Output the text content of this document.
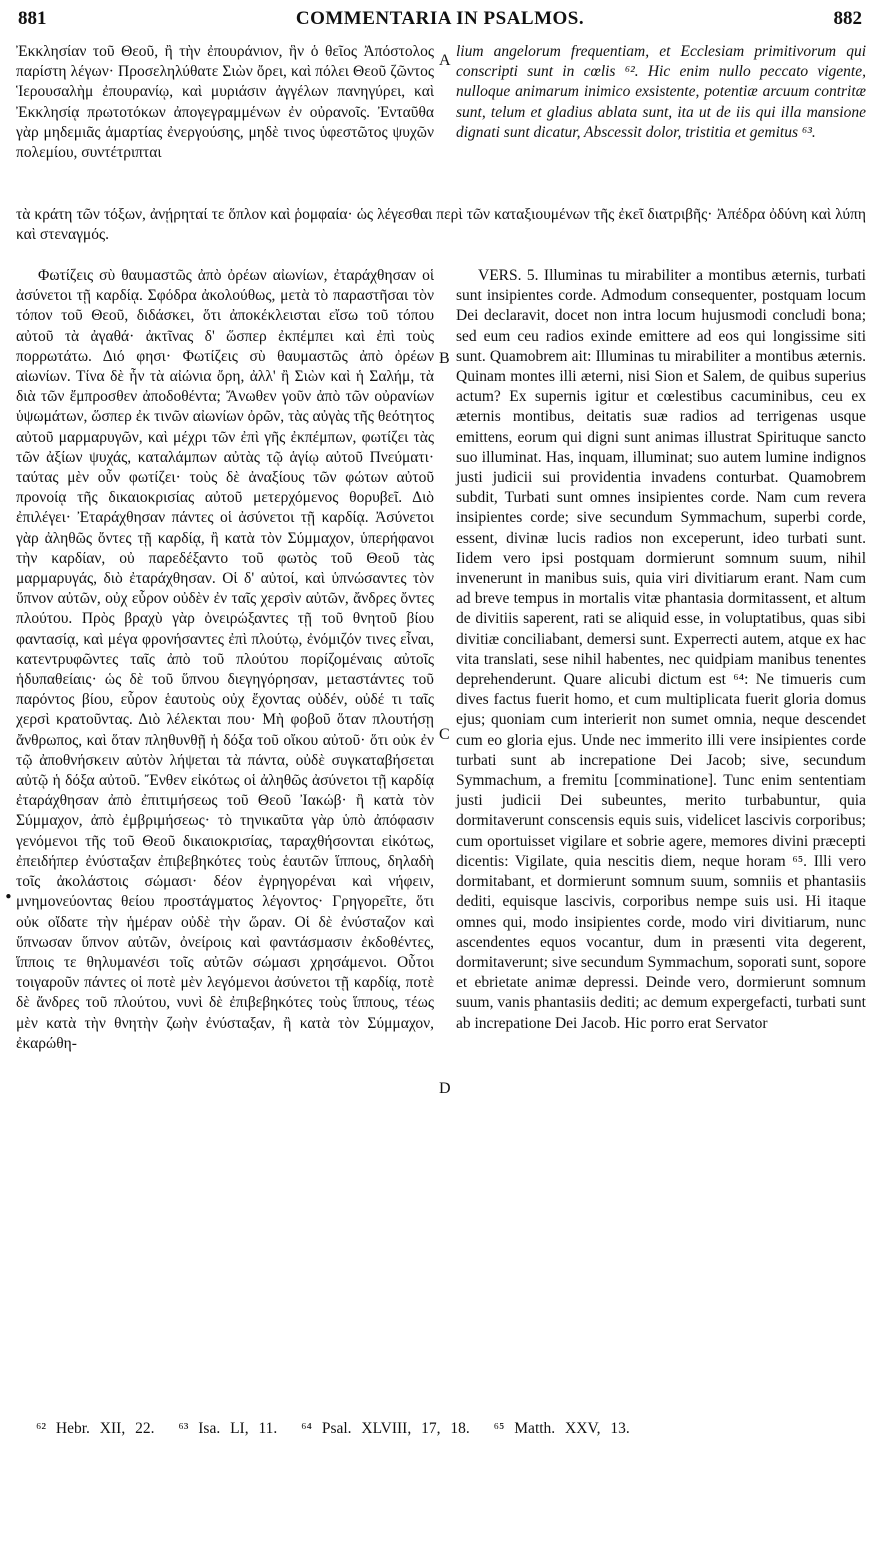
881	COMMENTARIA IN PSALMOS.	882

Ἐκκλησίαν τοῦ Θεοῦ, ἢ τὴν ἐπουράνιον, ἣν ὁ θεῖος Ἀπόστολος παρίστη λέγων· Προσεληλύθατε Σιὼν ὄρει, καὶ πόλει Θεοῦ ζῶντος Ἱερουσαλὴμ ἐπουρανίῳ, καὶ μυριάσιν ἀγγέλων πανηγύρει, καὶ Ἐκκλησίᾳ πρωτοτόκων ἀπογεγραμμένων ἐν οὐρανοῖς. Ἐνταῦθα γὰρ μηδεμιᾶς ἁμαρτίας ἐνεργούσης, μηδὲ τινος ὑφεστῶτος ψυχῶν πολεμίου, συντέτριπται

lium angelorum frequentiam, et Ecclesiam primitivorum qui conscripti sunt in cœlis ⁶². Hic enim nullo peccato vigente, nulloque animarum inimico exsistente, potentiæ arcuum contritæ sunt, telum et gladius ablata sunt, ita ut de iis qui illa mansione dignati sunt dicatur, Abscessit dolor, tristitia et gemitus ⁶³.

τὰ κράτη τῶν τόξων, ἀνῄρηταί τε ὅπλον καὶ ῥομφαία· ὡς λέγεσθαι περὶ τῶν καταξιουμένων τῆς ἐκεῖ διατριβῆς· Ἀπέδρα ὀδύνη καὶ λύπη καὶ στεναγμός.

Φωτίζεις σὺ θαυμαστῶς ἀπὸ ὀρέων αἰωνίων, ἐταράχθησαν οἱ ἀσύνετοι τῇ καρδίᾳ. Σφόδρα ἀκολούθως, μετὰ τὸ παραστῆσαι τὸν τόπον τοῦ Θεοῦ, διδάσκει, ὅτι ἀποκέκλεισται εἴσω τοῦ τόπου αὐτοῦ τὰ ἀγαθά· ἀκτῖνας δ' ὥσπερ ἐκπέμπει καὶ ἐπὶ τοὺς πορρωτάτω. Διό φησι· Φωτίζεις σὺ θαυμαστῶς ἀπὸ ὀρέων αἰωνίων. Τίνα δὲ ἦν τὰ αἰώνια ὄρη, ἀλλ' ἢ Σιὼν καὶ ἡ Σαλήμ, τὰ διὰ τῶν ἔμπροσθεν ἀποδοθέντα; Ἄνωθεν γοῦν ἀπὸ τῶν οὐρανίων ὑψωμάτων, ὥσπερ ἐκ τινῶν αἰωνίων ὀρῶν, τὰς αὐγὰς τῆς θεότητος αὐτοῦ μαρμαρυγῶν, καὶ μέχρι τῶν ἐπὶ γῆς ἐκπέμπων, φωτίζει τὰς τῶν ἀξίων ψυχάς, καταλάμπων αὐτὰς τῷ ἁγίῳ αὐτοῦ Πνεύματι· ταύτας μὲν οὖν φωτίζει· τοὺς δὲ ἀναξίους τῶν φώτων αὐτοῦ προνοίᾳ τῆς δικαιοκρισίας αὐτοῦ μετερχόμενος θορυβεῖ. Διὸ ἐπιλέγει· Ἐταράχθησαν πάντες οἱ ἀσύνετοι τῇ καρδίᾳ. Ἀσύνετοι γὰρ ἀληθῶς ὄντες τῇ καρδίᾳ, ἢ κατὰ τὸν Σύμμαχον, ὑπερήφανοι τὴν καρδίαν, οὐ παρεδέξαντο τοῦ φωτὸς τοῦ Θεοῦ τὰς μαρμαρυγάς, διὸ ἐταράχθησαν. Οἱ δ' αὐτοί, καὶ ὑπνώσαντες τὸν ὕπνον αὐτῶν, οὐχ εὗρον οὐδὲν ἐν ταῖς χερσὶν αὐτῶν, ἄνδρες ὄντες πλούτου. Πρὸς βραχὺ γὰρ ὀνειρώξαντες τῇ τοῦ θνητοῦ βίου φαντασίᾳ, καὶ μέγα φρονήσαντες ἐπὶ πλούτῳ, ἐνόμιζόν τινες εἶναι, κατεντρυφῶντες ταῖς ἀπὸ τοῦ πλούτου πορίζομέναις αὐτοῖς ἡδυπαθείαις· ὡς δὲ τοῦ ὕπνου διεγηγόρησαν, μεταστάντες τοῦ παρόντος βίου, εὗρον ἑαυτοὺς οὐχ ἔχοντας οὐδέν, οὐδέ τι ταῖς χερσὶ κρατοῦντας. Διὸ λέλεκται που· Μὴ φοβοῦ ὅταν πλουτήσῃ ἄνθρωπος, καὶ ὅταν πληθυνθῇ ἡ δόξα τοῦ οἴκου αὐτοῦ· ὅτι οὐκ ἐν τῷ ἀποθνήσκειν αὐτὸν λήψεται τὰ πάντα, οὐδὲ συγκαταβήσεται αὐτῷ ἡ δόξα αὐτοῦ. Ἔνθεν εἰκότως οἱ ἀληθῶς ἀσύνετοι τῇ καρδίᾳ ἐταράχθησαν ἀπὸ ἐπιτιμήσεως τοῦ Θεοῦ Ἰακώβ· ἢ κατὰ τὸν Σύμμαχον, ἀπὸ ἐμβριμήσεως· τὸ τηνικαῦτα γὰρ ὑπὸ ἀπόφασιν γενόμενοι τῆς τοῦ Θεοῦ δικαιοκρισίας, ταραχθήσονται εἰκότως, ἐπειδήπερ ἐνύσταξαν ἐπιβεβηκότες τοὺς ἑαυτῶν ἵππους, δηλαδὴ τοῖς ἀκολάστοις σώμασι· δέον ἐγρηγορέναι καὶ νήφειν, μνημονεύοντας θείου προστάγματος λέγοντος· Γρηγορεῖτε, ὅτι οὐκ οἴδατε τὴν ἡμέραν οὐδὲ τὴν ὥραν. Οἱ δὲ ἐνύσταζον καὶ ὕπνωσαν ὕπνον αὐτῶν, ὀνείροις καὶ φαντάσμασιν ἐκδοθέντες, ἵπποις τε θηλυμανέσι τοῖς αὐτῶν σώμασι χρησάμενοι. Οὗτοι τοιγαροῦν πάντες οἱ ποτὲ μὲν λεγόμενοι ἀσύνετοι τῇ καρδίᾳ, ποτὲ δὲ ἄνδρες τοῦ πλούτου, νυνὶ δὲ ἐπιβεβηκότες τοὺς ἵππους, τέως μὲν κατὰ τὴν θνητὴν ζωὴν ἐνύσταξαν, ἢ κατὰ τὸν Σύμμαχον, ἐκαρώθη-

VERS. 5. Illuminas tu mirabiliter a montibus æternis, turbati sunt insipientes corde. Admodum consequenter, postquam locum Dei declaravit, docet non intra locum hujusmodi concludi bona; sed eum ceu radios exinde emittere ad eos qui longissime siti sunt. Quamobrem ait: Illuminas tu mirabiliter a montibus æternis. Quinam montes illi æterni, nisi Sion et Salem, de quibus superius actum? Ex supernis igitur et cœlestibus cacuminibus, ceu ex æternis montibus, deitatis suæ radios ad terrigenas usque emittens, eorum qui digni sunt animas illustrat Spirituque sancto suo illuminat. Has, inquam, illuminat; suo autem lumine indignos justi judicii sui providentia invadens conturbat. Quamobrem subdit, Turbati sunt omnes insipientes corde. Nam cum revera insipientes corde; sive secundum Symmachum, superbi corde, essent, divinæ lucis radios non exceperunt, ideo turbati sunt. Iidem vero ipsi postquam dormierunt somnum suum, nihil invenerunt in manibus suis, quia viri divitiarum erant. Nam cum ad breve tempus in mortalis vitæ phantasia dormitassent, et altum de divitiis saperent, rati se aliquid esse, in voluptatibus, quas sibi divitiæ conciliabant, demersi sunt. Experrecti autem, atque ex hac vita translati, sese nihil habentes, nec quidpiam manibus tenentes deprehenderunt. Quare alicubi dictum est ⁶⁴: Ne timueris cum dives factus fuerit homo, et cum multiplicata fuerit gloria domus ejus; quoniam cum interierit non sumet omnia, neque descendet cum eo gloria ejus. Unde nec immerito illi vere insipientes corde turbati sunt ab increpatione Dei Jacob; sive, secundum Symmachum, a fremitu [comminatione]. Tunc enim sententiam justi judicii Dei subeuntes, merito turbabuntur, quia dormitaverunt conscensis equis suis, videlicet lascivis corporibus; cum oportuisset vigilare et sobrie agere, memores divini præcepti dicentis: Vigilate, quia nescitis diem, neque horam ⁶⁵. Illi vero dormitabant, et dormierunt somnum suum, somniis et phantasiis dediti, equisque lascivis, corporibus nempe suis usi. Hi itaque omnes qui, modo insipientes corde, modo viri divitiarum, nunc ascendentes equos vocantur, dum in præsenti vita degerent, dormitaverunt; sive secundum Symmachum, soporati sunt, sopore et ebrietate animæ depressi. Deinde vero, dormierunt somnum suum, vanis phantasiis dediti; ac demum expergefacti, turbati sunt ab increpatione Dei Jacob. Hic porro erat Servator

A
B
C
D
•
⁶² Hebr. XII, 22. ⁶³ Isa. LI, 11. ⁶⁴ Psal. XLVIII, 17, 18. ⁶⁵ Matth. XXV, 13.
